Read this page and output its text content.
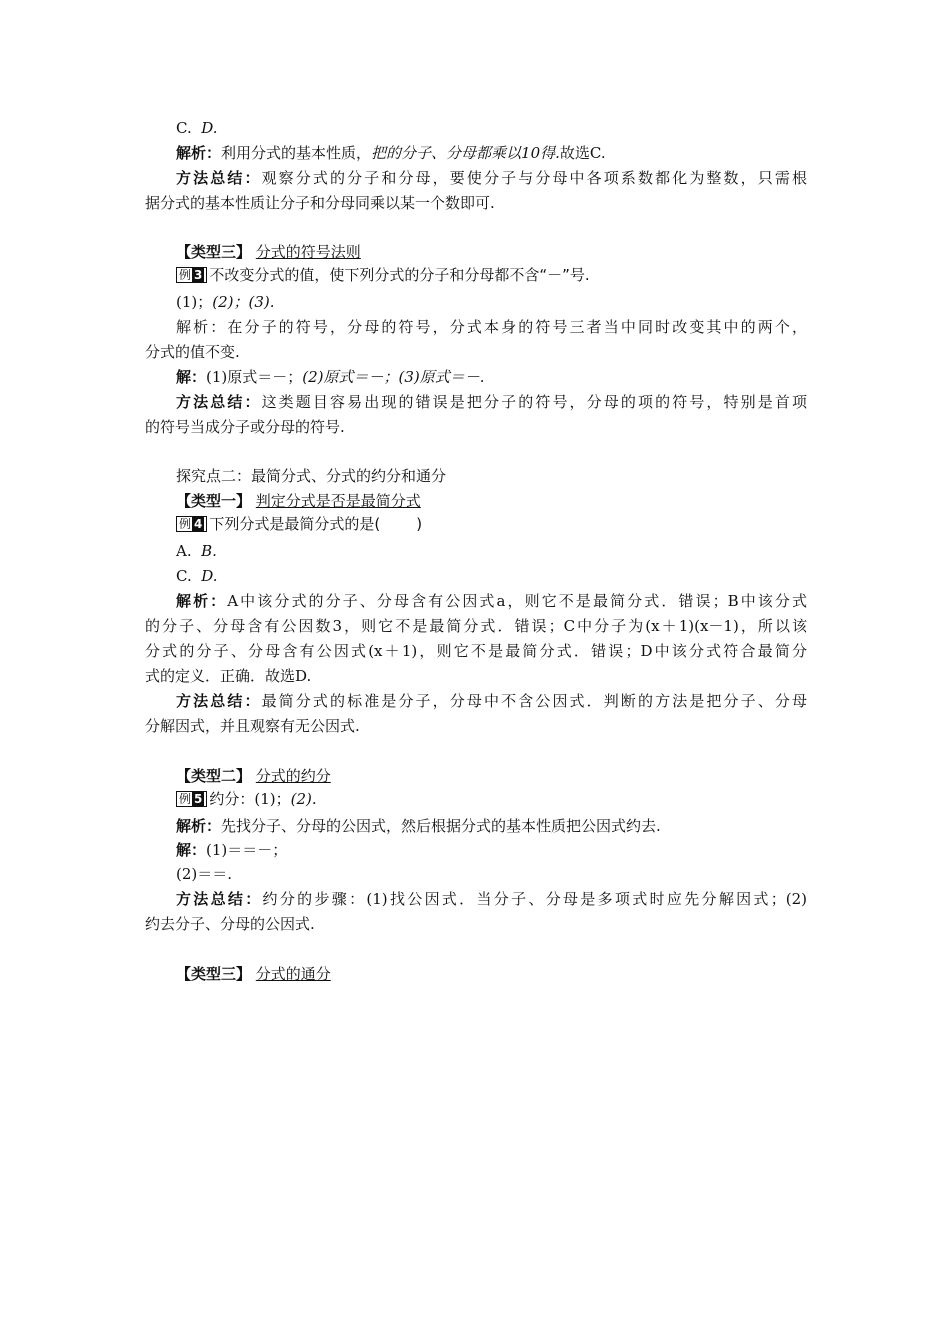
C. D.
解析：利用分式的基本性质，把的分子、分母都乘以10得.故选C.
方法总结：观察分式的分子和分母，要使分子与分母中各项系数都化为整数，只需根
据分式的基本性质让分子和分母同乘以某一个数即可.
【类型三】 分式的符号法则
例 3 不改变分式的值，使下列分式的分子和分母都不含“－”号.
(1)；(2)；(3).
解析：在分子的符号，分母的符号，分式本身的符号三者当中同时改变其中的两个，
分式的值不变.
解：(1)原式＝－；(2)原式＝－；(3)原式＝－.
方法总结：这类题目容易出现的错误是把分子的符号，分母的项的符号，特别是首项
的符号当成分子或分母的符号.
探究点二：最简分式、分式的约分和通分
【类型一】 判定分式是否是最简分式
例 4 下列分式是最简分式的是( )
A. B.
C. D.
解析：A中该分式的分子、分母含有公因式a，则它不是最简分式．错误；B中该分式
的分子、分母含有公因数3，则它不是最简分式．错误；C中分子为(x＋1)(x－1)，所以该
分式的分子、分母含有公因式(x＋1)，则它不是最简分式．错误；D中该分式符合最简分
式的定义．正确．故选D.
方法总结：最简分式的标准是分子，分母中不含公因式．判断的方法是把分子、分母
分解因式，并且观察有无公因式.
【类型二】 分式的约分
例 5 约分：(1)；(2).
解析：先找分子、分母的公因式，然后根据分式的基本性质把公因式约去.
解：(1)＝＝－；
(2)＝＝.
方法总结：约分的步骤：(1)找公因式．当分子、分母是多项式时应先分解因式；(2)
约去分子、分母的公因式.
【类型三】 分式的通分
